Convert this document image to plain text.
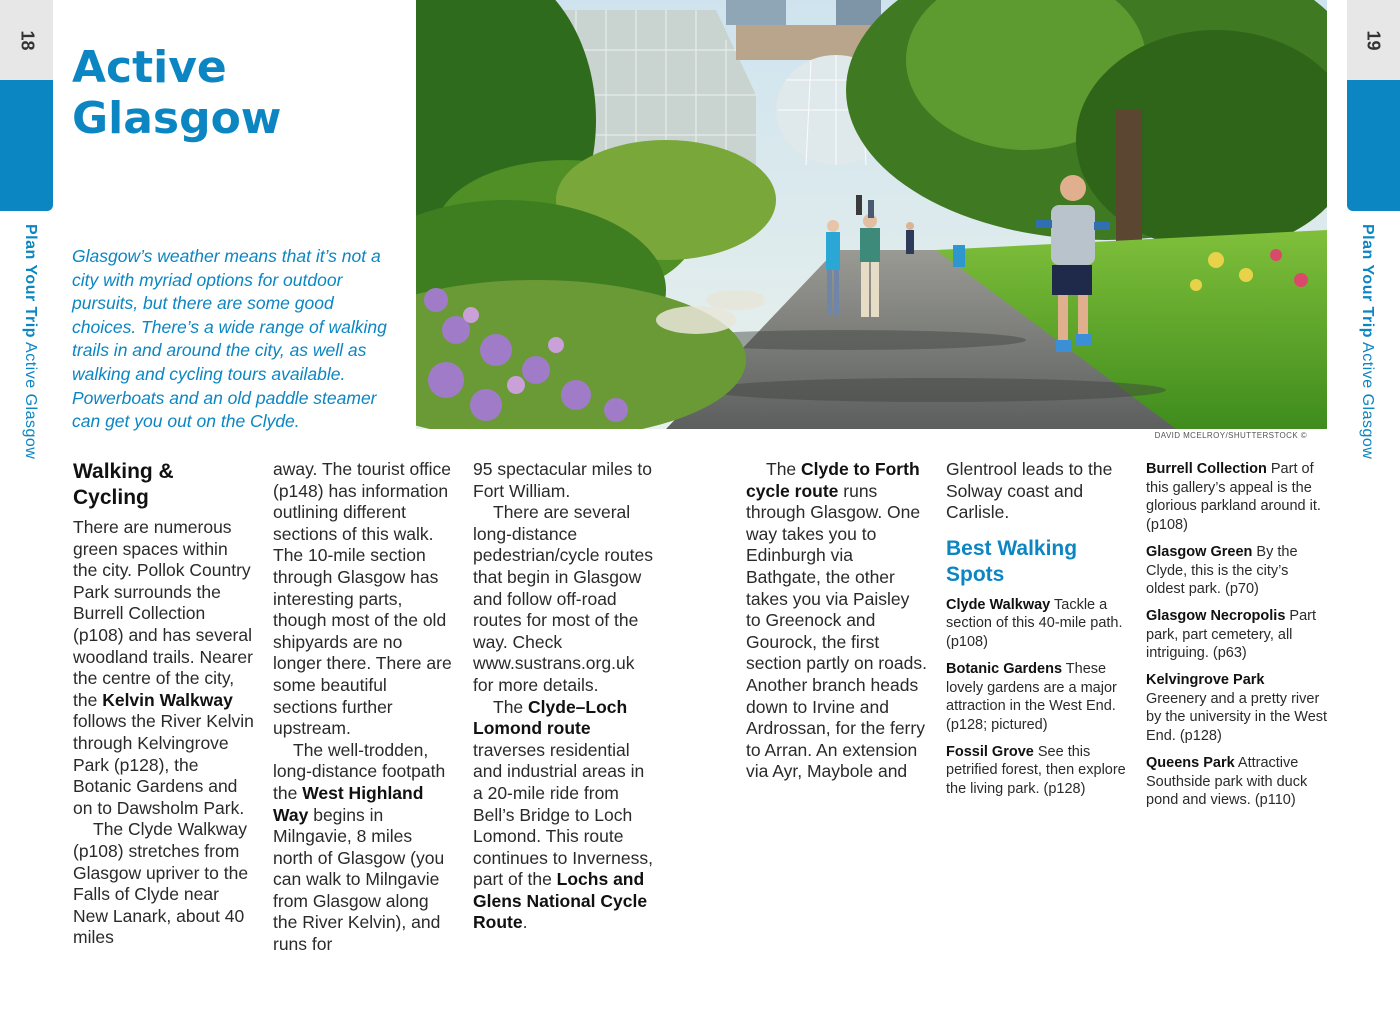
18
Plan Your Trip Active Glasgow
19
Plan Your Trip Active Glasgow
Active
Glasgow

Glasgow’s weather means that it’s not a city with myriad options for outdoor pursuits, but there are some good choices. There’s a wide range of walking trails in and around the city, as well as walking and cycling tours available. Powerboats and an old paddle steamer can get you out on the Clyde.

DAVID MCELROY/SHUTTERSTOCK ©
Walking & Cycling

There are numerous green spaces within the city. Pollok Country Park surrounds the Burrell Collection (p108) and has several woodland trails. Nearer the centre of the city, the Kelvin Walkway follows the River Kelvin through Kelvingrove Park (p128), the Botanic Gardens and on to Dawsholm Park.

The Clyde Walkway (p108) stretches from Glasgow upriver to the Falls of Clyde near New Lanark, about 40 miles

away. The tourist office (p148) has information outlining different sections of this walk. The 10-mile section through Glasgow has interesting parts, though most of the old shipyards are no longer there. There are some beautiful sections further upstream.

The well-trodden, long-distance footpath the West Highland Way begins in Milngavie, 8 miles north of Glasgow (you can walk to Milngavie from Glasgow along the River Kelvin), and runs for

95 spectacular miles to Fort William.

There are several long-distance pedestrian/cycle routes that begin in Glasgow and follow off-road routes for most of the way. Check www.sustrans.org.uk for more details.

The Clyde–Loch Lomond route traverses residential and industrial areas in a 20-mile ride from Bell’s Bridge to Loch Lomond. This route continues to Inverness, part of the Lochs and Glens National Cycle Route.

The Clyde to Forth cycle route runs through Glasgow. One way takes you to Edinburgh via Bathgate, the other takes you via Paisley to Greenock and Gourock, the first section partly on roads. Another branch heads down to Irvine and Ardrossan, for the ferry to Arran. An extension via Ayr, Maybole and

Glentrool leads to the Solway coast and Carlisle.

Best Walking Spots

Clyde Walkway Tackle a section of this 40-mile path. (p108)

Botanic Gardens These lovely gardens are a major attraction in the West End. (p128; pictured)

Fossil Grove See this petrified forest, then explore the living park. (p128)

Burrell Collection Part of this gallery’s appeal is the glorious parkland around it. (p108)

Glasgow Green By the Clyde, this is the city’s oldest park. (p70)

Glasgow Necropolis Part park, part cemetery, all intriguing. (p63)

Kelvingrove Park Greenery and a pretty river by the university in the West End. (p128)

Queens Park Attractive Southside park with duck pond and views. (p110)
